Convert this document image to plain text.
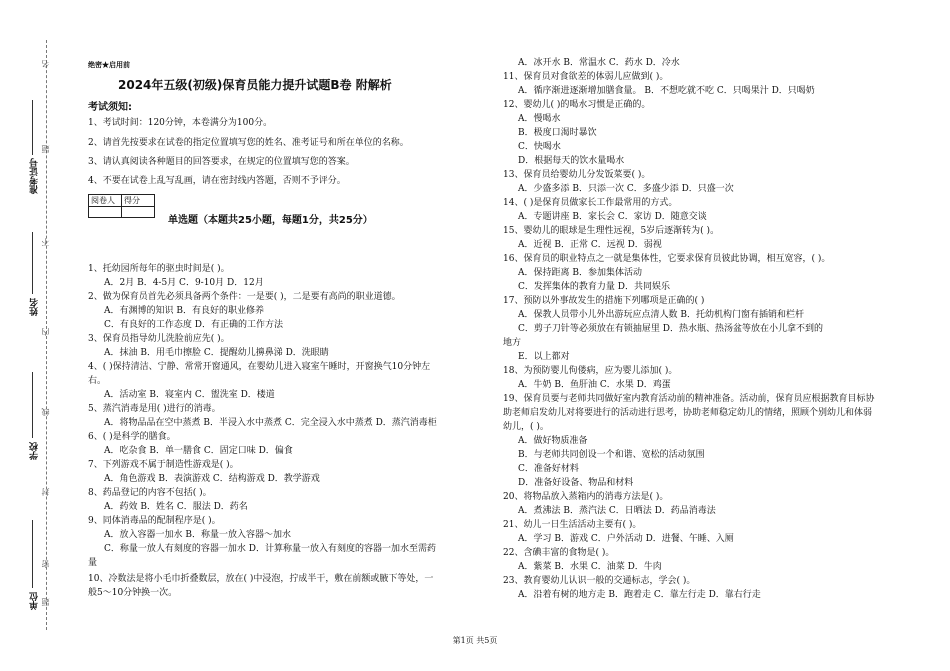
准考证号
姓名
学校
单位
名
题
不
内
线
封
密
题
绝密★启用前
2024年五级(初级)保育员能力提升试题B卷 附解析
考试须知:
1、考试时间：120分钟，本卷满分为100分。
2、请首先按要求在试卷的指定位置填写您的姓名、准考证号和所在单位的名称。
3、请认真阅读各种题目的回答要求，在规定的位置填写您的答案。
4、不要在试卷上乱写乱画，请在密封线内答题，否则不予评分。
阅卷人	得分

单选题（本题共25小题，每题1分，共25分）
1、托幼园所每年的驱虫时间是( )。
A．2月 B．4-5月 C．9-10月 D．12月
2、做为保育员首先必须具备两个条件：一是要( )，二是要有高尚的职业道德。
A．有渊博的知识 B．有良好的职业修养
C．有良好的工作态度 D．有正确的工作方法
3、保育员指导幼儿洗脸前应先( )。
A．抹油 B．用毛巾擦脸 C．提醒幼儿擤鼻涕 D．洗眼睛
4、( )保持清洁、宁静、常常开窗通风，在婴幼儿进入寝室午睡时，开窗换气10分钟左
右。
A．活动室 B．寝室内 C．盥洗室 D．楼道
5、蒸汽消毒是用( )进行的消毒。
A．将物品品在空中蒸煮 B．半浸入水中蒸煮 C．完全浸入水中蒸煮 D．蒸汽消毒柜
6、( )是科学的膳食。
A．吃杂食 B．单一膳食 C．固定口味 D．偏食
7、下列游戏不属于制造性游戏是( )。
A．角色游戏 B．表演游戏 C．结构游戏 D．教学游戏
8、药品登记的内容不包括( )。
A．药效 B．姓名 C．服法 D．药名
9、同体消毒品的配制程序是( )。
A．放入容器一加水 B．称量一放入容器～加水
C．称量一放人有刻度的容器一加水 D．计算称量一放入有刻度的容器一加水至需药
量
10、冷数法是将小毛巾折叠数层，放在( )中浸泡，拧成半干，敷在前额或腋下等处，一
般5～10分钟换一次。
A．冰开水 B．常温水 C．药水 D．冷水
11、保育员对食欲差的体弱儿应做到( )。
A．循序渐进逐渐增加膳食量。 B．不想吃就不吃 C．只喝果汁 D．只喝奶
12、婴幼儿( )的喝水习惯是正确的。
A．慢喝水
B．极度口渴时暴饮
C．快喝水
D．根据每天的饮水量喝水
13、保育员给婴幼儿分发饭菜要( )。
A．少盛多添 B．只添一次 C．多盛少添 D．只盛一次
14、( )是保育员做家长工作最常用的方式。
A．专题讲座 B．家长会 C．家访 D．随意交谈
15、婴幼儿的眼球是生理性远视，5岁后逐渐转为( )。
A．近视 B．正常 C．远视 D．弱视
16、保育员的职业特点之一就是集体性，它要求保育员彼此协调，相互宽容，( )。
A．保持距离 B．参加集体活动
C．发挥集体的教育力量 D．共同娱乐
17、预防以外事故发生的措施下列哪项是正确的( )
A．保教人员带小儿外出游玩应点清人数 B．托幼机构门窗有插销和栏杆
C．剪子刀针等必须放在有锁抽屉里 D．热水瓶、热汤盆等放在小儿拿不到的
地方
E．以上都对
18、为预防婴儿佝偻病，应为婴儿添加( )。
A．牛奶 B．鱼肝油 C．水果 D．鸡蛋
19、保育员要与老师共同做好室内教育活动前的精神准备。活动前，保育员应根据教育目标协
助老师启发幼儿对将要进行的活动进行思考，协助老师稳定幼儿的情绪，照顾个别幼儿和体弱
幼儿，( )。
A．做好物质准备
B．与老师共同创设一个和谐、宽松的活动氛围
C．准备好材料
D．准备好设备、物品和材料
20、将物品放入蒸箱内的消毒方法是( )。
A．煮沸法 B．蒸汽法 C．日晒法 D．药品消毒法
21、幼儿一日生活活动主要有( )。
A．学习 B．游戏 C．户外活动 D．进餐、午睡、入厕
22、含碘丰富的食物是( )。
A．紫菜 B．水果 C．油菜 D．牛肉
23、教育婴幼儿认识一般的交通标志，学会( )。
A．沿着有树的地方走 B．跑着走 C．靠左行走 D．靠右行走
第1页 共5页
